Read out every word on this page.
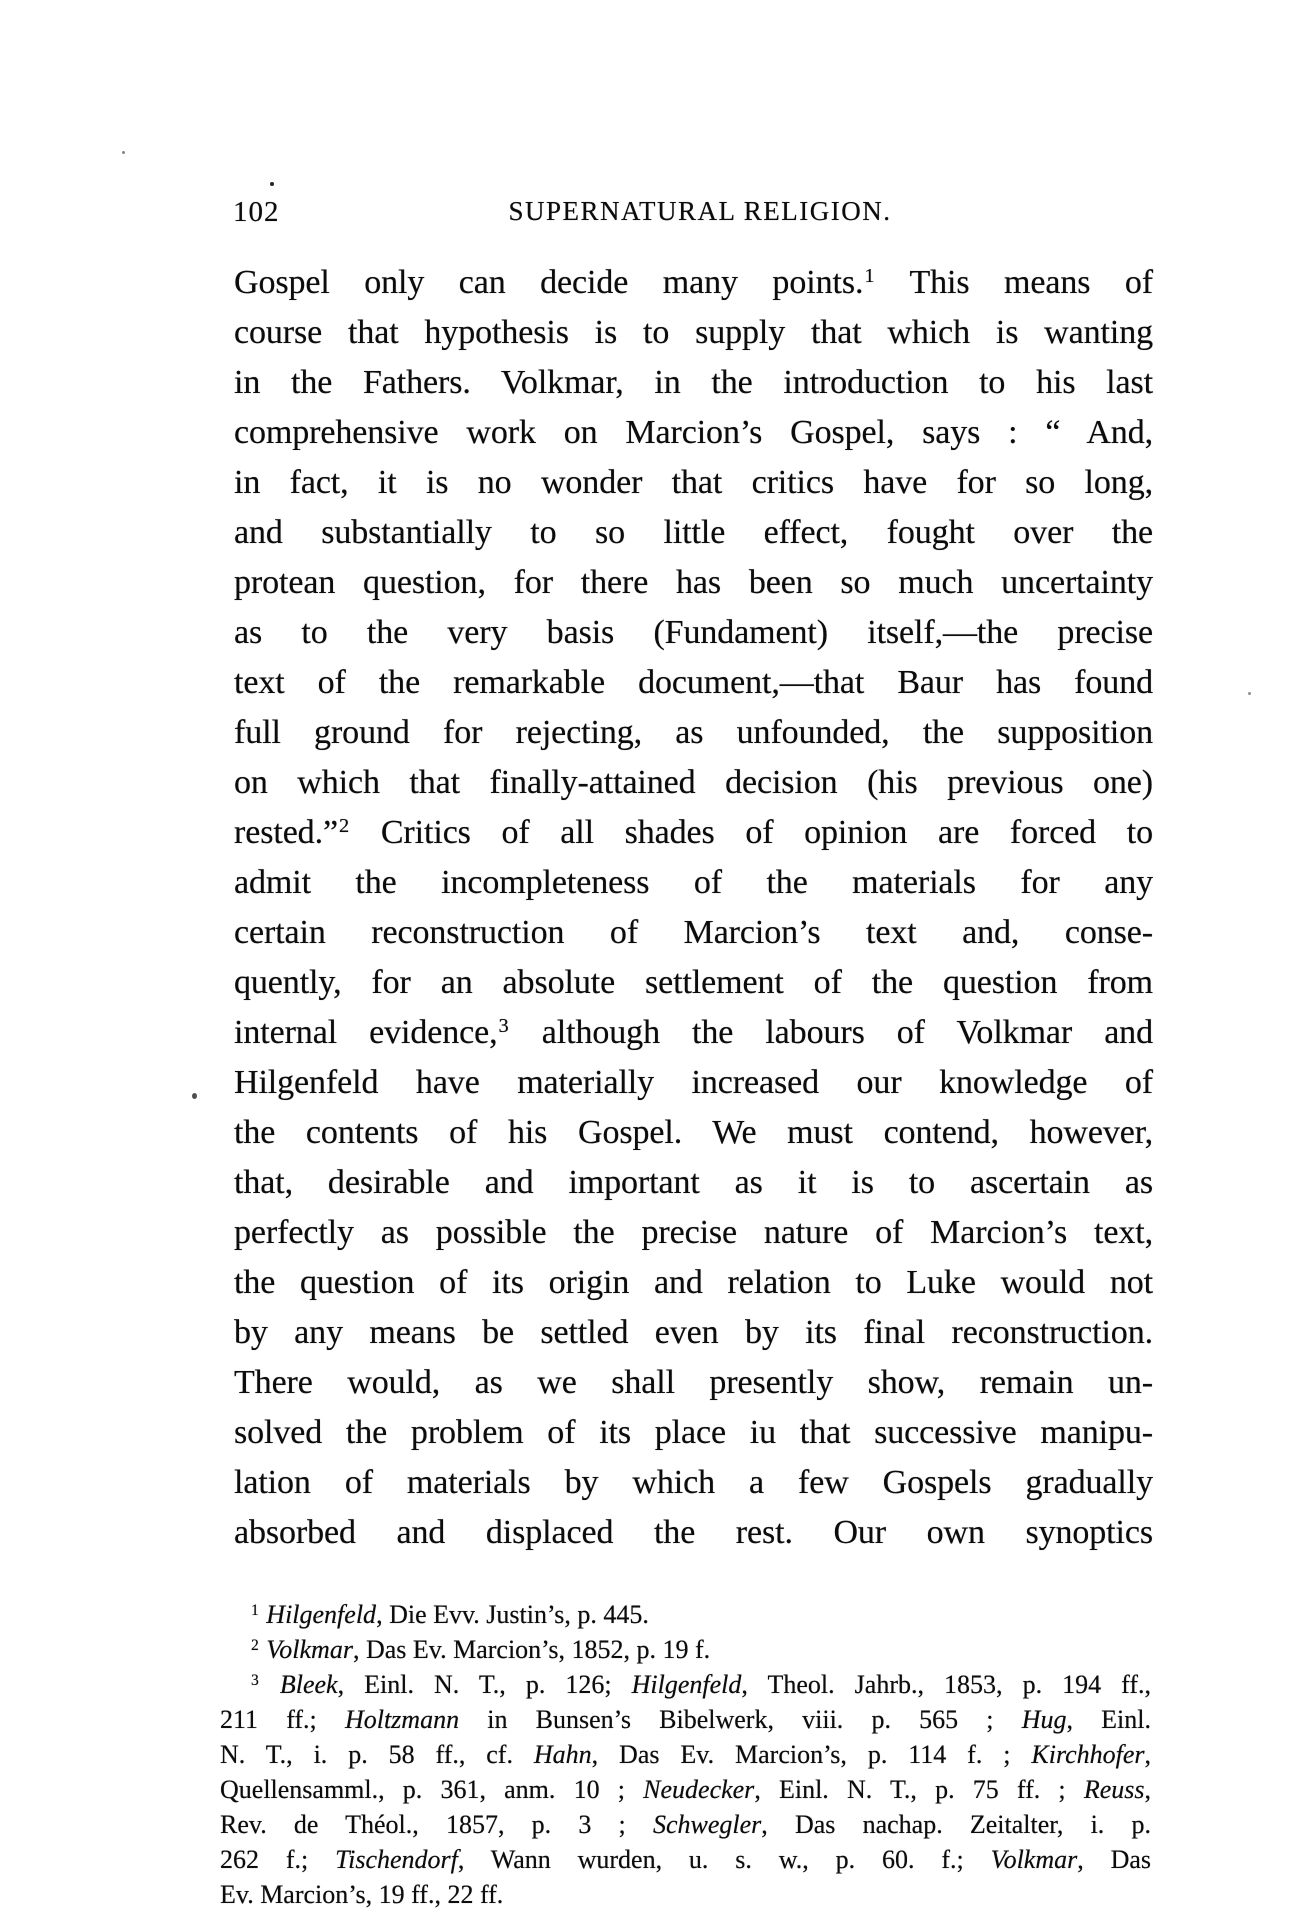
102	SUPERNATURAL RELIGION.
Gospel only can decide many points.$^1$ This means of
course that hypothesis is to supply that which is wanting
in the Fathers. Volkmar, in the introduction to his last
comprehensive work on Marcion’s Gospel, says : “ And,
in fact, it is no wonder that critics have for so long,
and substantially to so little effect, fought over the
protean question, for there has been so much uncertainty
as to the very basis (Fundament) itself,—the precise
text of the remarkable document,—that Baur has found
full ground for rejecting, as unfounded, the supposition
on which that finally-attained decision (his previous one)
rested.”$^2$ Critics of all shades of opinion are forced to
admit the incompleteness of the materials for any
certain reconstruction of Marcion’s text and, conse-
quently, for an absolute settlement of the question from
internal evidence,$^3$ although the labours of Volkmar and
Hilgenfeld have materially increased our knowledge of
the contents of his Gospel. We must contend, however,
that, desirable and important as it is to ascertain as
perfectly as possible the precise nature of Marcion’s text,
the question of its origin and relation to Luke would not
by any means be settled even by its final reconstruction.
There would, as we shall presently show, remain un-
solved the problem of its place iu that successive manipu-
lation of materials by which a few Gospels gradually
absorbed and displaced the rest. Our own synoptics
$^1$ Hilgenfeld, Die Evv. Justin’s, p. 445.
$^2$ Volkmar, Das Ev. Marcion’s, 1852, p. 19 f.
$^3$ Bleek, Einl. N. T., p. 126; Hilgenfeld, Theol. Jahrb., 1853, p. 194 ff.,
211 ff.; Holtzmann in Bunsen’s Bibelwerk, viii. p. 565 ; Hug, Einl.
N. T., i. p. 58 ff., cf. Hahn, Das Ev. Marcion’s, p. 114 f. ; Kirchhofer,
Quellensamml., p. 361, anm. 10 ; Neudecker, Einl. N. T., p. 75 ff. ; Reuss,
Rev. de Théol., 1857, p. 3 ; Schwegler, Das nachap. Zeitalter, i. p.
262 f.; Tischendorf, Wann wurden, u. s. w., p. 60. f.; Volkmar, Das
Ev. Marcion’s, 19 ff., 22 ff.
